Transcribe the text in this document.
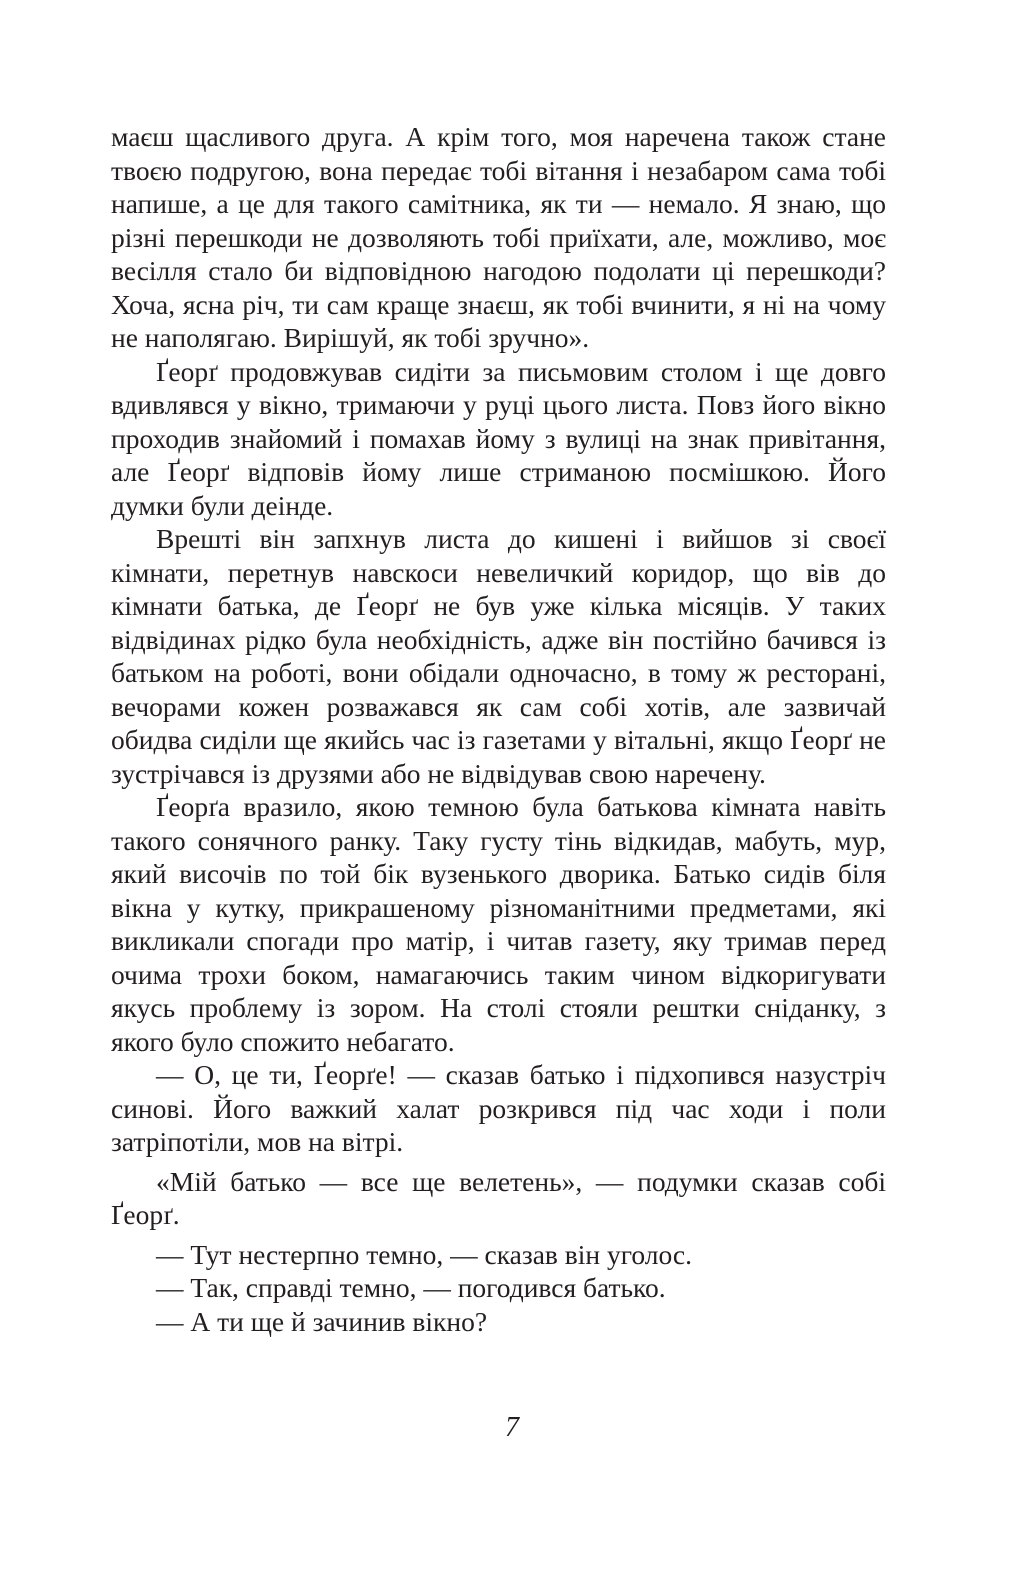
маєш щасливого друга. А крім того, моя наречена також стане твоєю подругою, вона передає тобі вітання і незабаром сама тобі напише, а це для такого самітника, як ти — немало. Я знаю, що різні перешкоди не дозволяють тобі приїхати, але, можливо, моє весілля стало би відповідною нагодою подолати ці перешкоди? Хоча, ясна річ, ти сам краще знаєш, як тобі вчинити, я ні на чому не наполягаю. Вирішуй, як тобі зручно».

Ґеорґ продовжував сидіти за письмовим столом і ще довго вдивлявся у вікно, тримаючи у руці цього листа. Повз його вікно проходив знайомий і помахав йому з вулиці на знак привітання, але Ґеорґ відповів йому лише стриманою посмішкою. Його думки були деінде.

Врешті він запхнув листа до кишені і вийшов зі своєї кімнати, перетнув навскоси невеличкий коридор, що вів до кімнати батька, де Ґеорґ не був уже кілька місяців. У таких відвідинах рідко була необхідність, адже він постійно бачився із батьком на роботі, вони обідали одночасно, в тому ж ресторані, вечорами кожен розважався як сам собі хотів, але зазвичай обидва сиділи ще якийсь час із газетами у вітальні, якщо Ґеорґ не зустрічався із друзями або не відвідував свою наречену.

Ґеорґа вразило, якою темною була батькова кімната навіть такого сонячного ранку. Таку густу тінь відкидав, мабуть, мур, який височів по той бік вузенького дворика. Батько сидів біля вікна у кутку, прикрашеному різноманітними предметами, які викликали спогади про матір, і читав газету, яку тримав перед очима трохи боком, намагаючись таким чином відкоригувати якусь проблему із зором. На столі стояли рештки сніданку, з якого було спожито небагато.

— О, це ти, Ґеорґе! — сказав батько і підхопився назустріч синові. Його важкий халат розкрився під час ходи і поли затріпотіли, мов на вітрі.

«Мій батько — все ще велетень», — подумки сказав собі Ґеорґ.

— Тут нестерпно темно, — сказав він уголос.

— Так, справді темно, — погодився батько.

— А ти ще й зачинив вікно?

7
